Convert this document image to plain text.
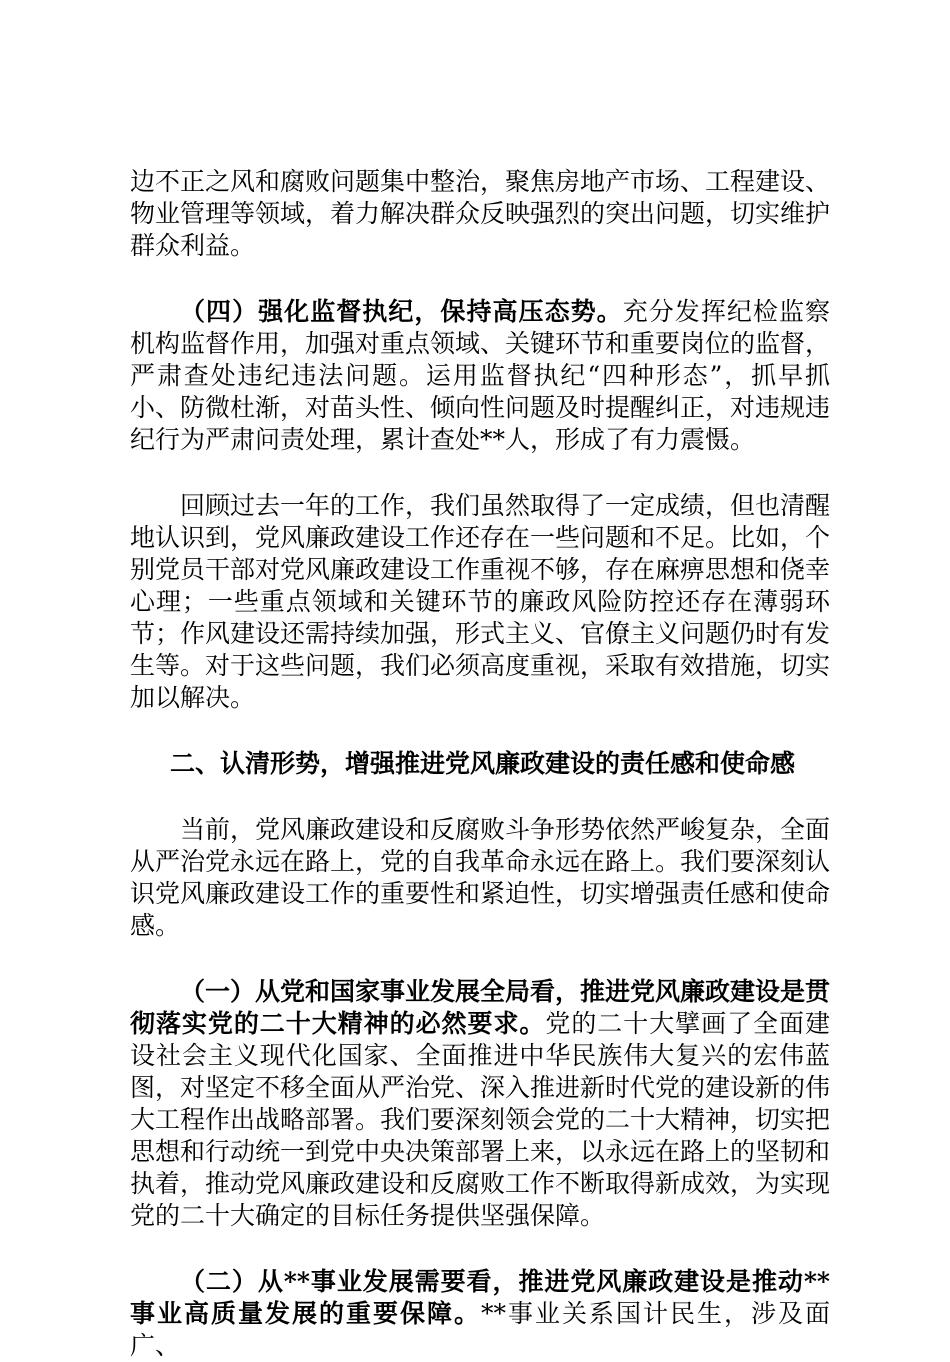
边不正之风和腐败问题集中整治，聚焦房地产市场、工程建设、物业管理等领域，着力解决群众反映强烈的突出问题，切实维护群众利益。

（四）强化监督执纪，保持高压态势。充分发挥纪检监察机构监督作用，加强对重点领域、关键环节和重要岗位的监督，严肃查处违纪违法问题。运用监督执纪“四种形态”，抓早抓小、防微杜渐，对苗头性、倾向性问题及时提醒纠正，对违规违纪行为严肃问责处理，累计查处**人，形成了有力震慑。

回顾过去一年的工作，我们虽然取得了一定成绩，但也清醒地认识到，党风廉政建设工作还存在一些问题和不足。比如，个别党员干部对党风廉政建设工作重视不够，存在麻痹思想和侥幸心理；一些重点领域和关键环节的廉政风险防控还存在薄弱环节；作风建设还需持续加强，形式主义、官僚主义问题仍时有发生等。对于这些问题，我们必须高度重视，采取有效措施，切实加以解决。

二、认清形势，增强推进党风廉政建设的责任感和使命感

当前，党风廉政建设和反腐败斗争形势依然严峻复杂，全面从严治党永远在路上，党的自我革命永远在路上。我们要深刻认识党风廉政建设工作的重要性和紧迫性，切实增强责任感和使命感。

（一）从党和国家事业发展全局看，推进党风廉政建设是贯彻落实党的二十大精神的必然要求。党的二十大擘画了全面建设社会主义现代化国家、全面推进中华民族伟大复兴的宏伟蓝图，对坚定不移全面从严治党、深入推进新时代党的建设新的伟大工程作出战略部署。我们要深刻领会党的二十大精神，切实把思想和行动统一到党中央决策部署上来，以永远在路上的坚韧和执着，推动党风廉政建设和反腐败工作不断取得新成效，为实现党的二十大确定的目标任务提供坚强保障。

（二）从**事业发展需要看，推进党风廉政建设是推动**事业高质量发展的重要保障。**事业关系国计民生，涉及面广、
